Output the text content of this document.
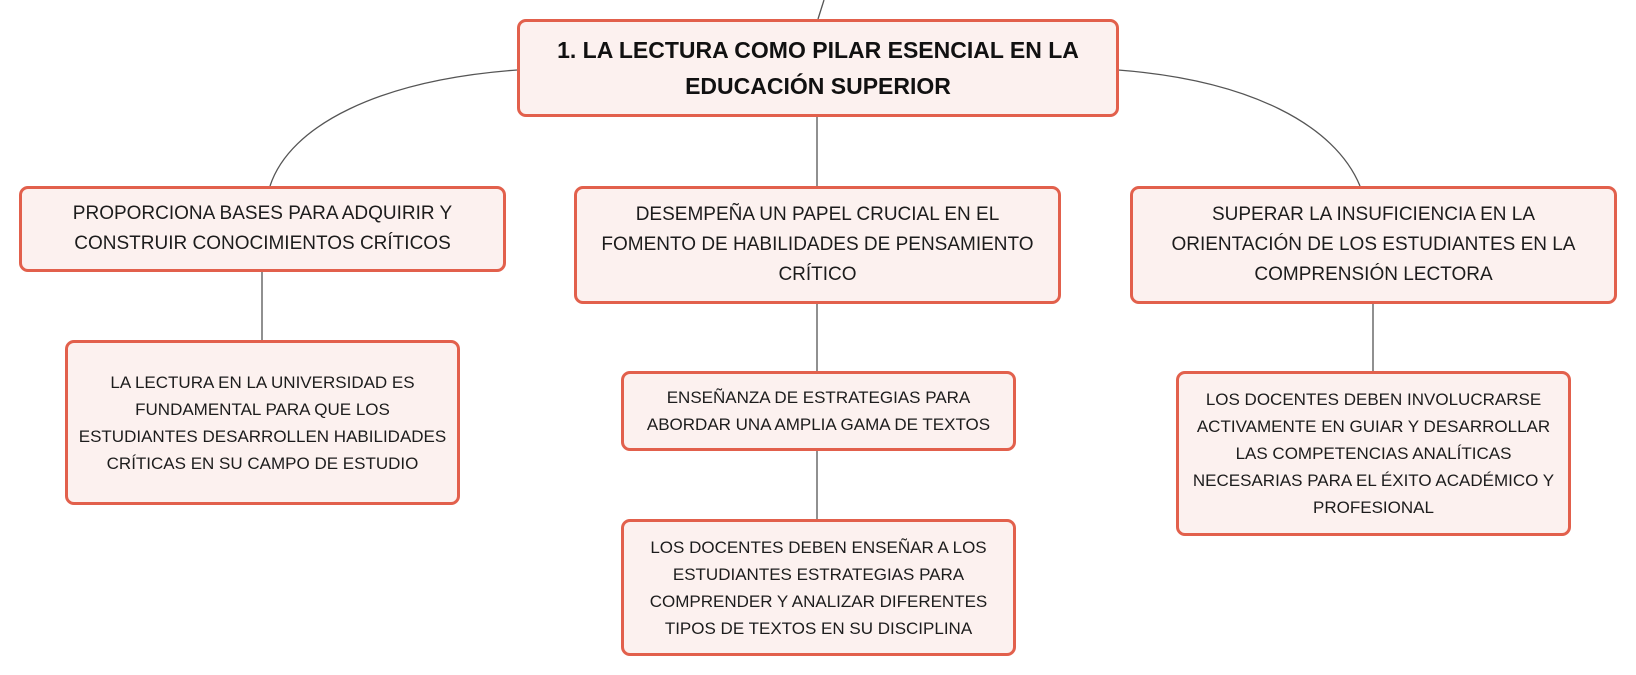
1. LA LECTURA COMO PILAR ESENCIAL EN LA EDUCACIÓN SUPERIOR
PROPORCIONA BASES PARA ADQUIRIR Y CONSTRUIR CONOCIMIENTOS CRÍTICOS
DESEMPEÑA UN PAPEL CRUCIAL EN EL FOMENTO DE HABILIDADES DE PENSAMIENTO CRÍTICO
SUPERAR LA INSUFICIENCIA EN LA ORIENTACIÓN DE LOS ESTUDIANTES EN LA COMPRENSIÓN LECTORA
LA LECTURA EN LA UNIVERSIDAD ES FUNDAMENTAL PARA QUE LOS ESTUDIANTES DESARROLLEN HABILIDADES CRÍTICAS EN SU CAMPO DE ESTUDIO
ENSEÑANZA DE ESTRATEGIAS PARA ABORDAR UNA AMPLIA GAMA DE TEXTOS
LOS DOCENTES DEBEN ENSEÑAR A LOS ESTUDIANTES ESTRATEGIAS PARA COMPRENDER Y ANALIZAR DIFERENTES TIPOS DE TEXTOS EN SU DISCIPLINA
LOS DOCENTES DEBEN INVOLUCRARSE ACTIVAMENTE EN GUIAR Y DESARROLLAR LAS COMPETENCIAS ANALÍTICAS NECESARIAS PARA EL ÉXITO ACADÉMICO Y PROFESIONAL
